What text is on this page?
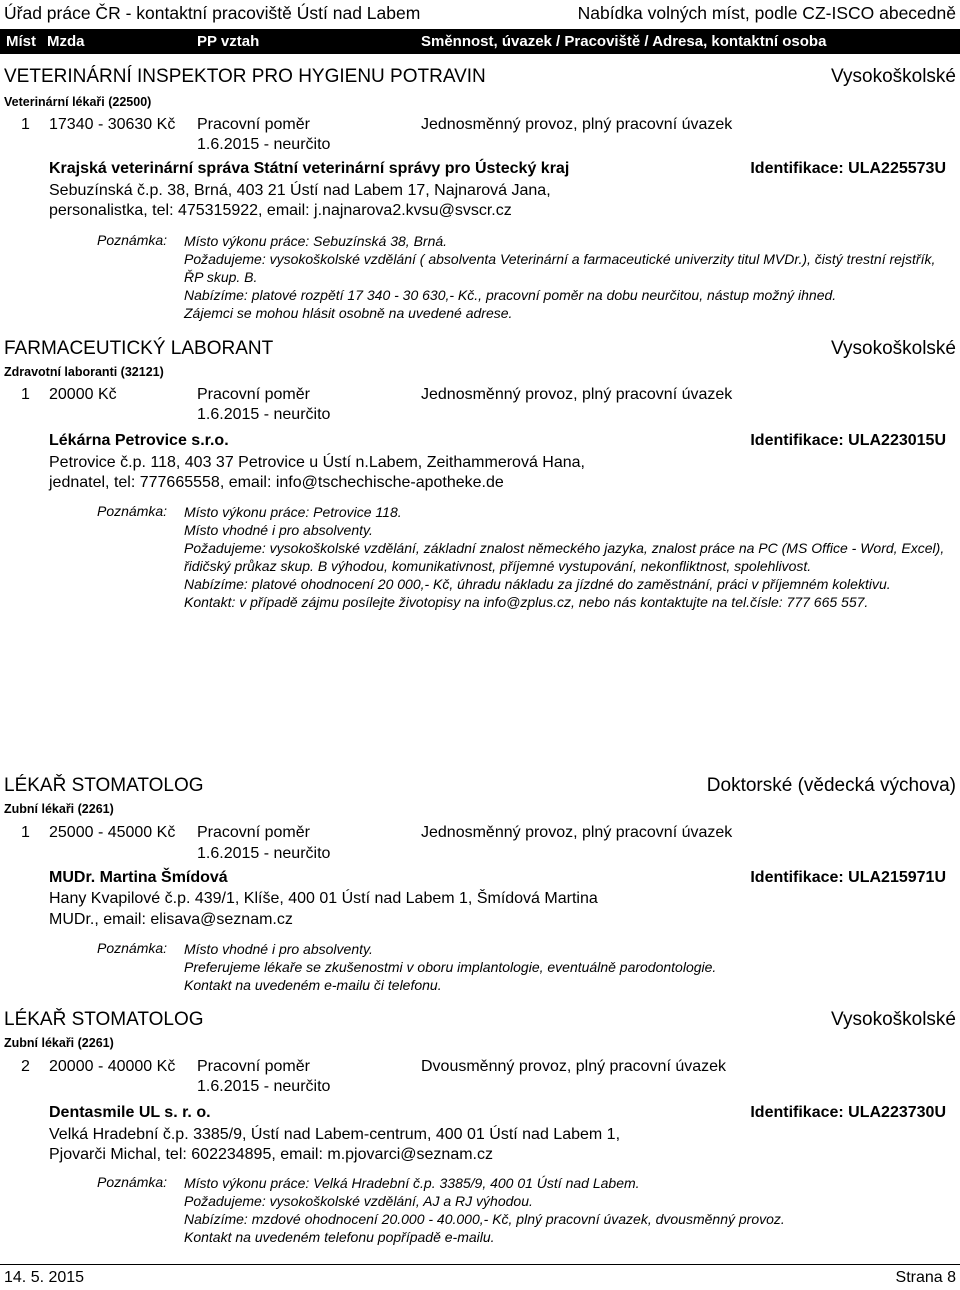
Úřad práce ČR - kontaktní pracoviště Ústí nad Labem	Nabídka volných míst, podle CZ-ISCO abecedně
Míst Mzda	PP vztah	Směnnost, úvazek / Pracoviště / Adresa, kontaktní osoba
VETERINÁRNÍ INSPEKTOR PRO HYGIENU POTRAVIN	Vysokoškolské
Veterinární lékaři (22500)
1 17340 - 30630 Kč Pracovní poměr	Jednosměnný provoz, plný pracovní úvazek
1.6.2015 - neurčito
Krajská veterinární správa Státní veterinární správy pro Ústecký kraj	Identifikace: ULA225573U
Sebuzínská č.p. 38, Brná, 403 21 Ústí nad Labem 17, Najnarová Jana,
personalistka, tel: 475315922, email: j.najnarova2.kvsu@svscr.cz
Poznámka: Místo výkonu práce: Sebuzínská 38, Brná.
Požadujeme: vysokoškolské vzdělání ( absolventa Veterinární a farmaceutické univerzity titul MVDr.), čistý trestní rejstřík, ŘP skup. B.
Nabízíme: platové rozpětí 17 340 - 30 630,- Kč., pracovní poměr na dobu neurčitou, nástup možný ihned.
Zájemci se mohou hlásit osobně na uvedené adrese.
FARMACEUTICKÝ LABORANT	Vysokoškolské
Zdravotní laboranti (32121)
1 20000 Kč	Pracovní poměr	Jednosměnný provoz, plný pracovní úvazek
1.6.2015 - neurčito
Lékárna Petrovice s.r.o.	Identifikace: ULA223015U
Petrovice č.p. 118, 403 37 Petrovice u Ústí n.Labem, Zeithammerová Hana,
jednatel, tel: 777665558, email: info@tschechische-apotheke.de
Poznámka: Místo výkonu práce: Petrovice 118.
Místo vhodné i pro absolventy.
Požadujeme: vysokoškolské vzdělání, základní znalost německého jazyka, znalost práce na PC (MS Office - Word, Excel), řidičský průkaz skup. B výhodou, komunikativnost, příjemné vystupování, nekonfliktnost, spolehlivost.
Nabízíme: platové ohodnocení 20 000,- Kč, úhradu nákladu za jízdné do zaměstnání, práci v příjemném kolektivu.
Kontakt: v případě zájmu posílejte životopisy na info@zplus.cz, nebo nás kontaktujte na tel.čísle: 777 665 557.
LÉKAŘ STOMATOLOG	Doktorské (vědecká výchova)
Zubní lékaři (2261)
1 25000 - 45000 Kč Pracovní poměr	Jednosměnný provoz, plný pracovní úvazek
1.6.2015 - neurčito
MUDr. Martina Šmídová	Identifikace: ULA215971U
Hany Kvapilové č.p. 439/1, Klíše, 400 01 Ústí nad Labem 1, Šmídová Martina
MUDr., email: elisava@seznam.cz
Poznámka: Místo vhodné i pro absolventy.
Preferujeme lékaře se zkušenostmi v oboru implantologie, eventuálně parodontologie.
Kontakt na uvedeném e-mailu či telefonu.
LÉKAŘ STOMATOLOG	Vysokoškolské
Zubní lékaři (2261)
2 20000 - 40000 Kč Pracovní poměr	Dvousměnný provoz, plný pracovní úvazek
1.6.2015 - neurčito
Dentasmile UL s. r. o.	Identifikace: ULA223730U
Velká Hradební č.p. 3385/9, Ústí nad Labem-centrum, 400 01 Ústí nad Labem 1,
Pjovarči Michal, tel: 602234895, email: m.pjovarci@seznam.cz
Poznámka: Místo výkonu práce: Velká Hradební č.p. 3385/9, 400 01 Ústí nad Labem.
Požadujeme: vysokoškolské vzdělání, AJ a RJ výhodou.
Nabízíme: mzdové ohodnocení 20.000 - 40.000,- Kč, plný pracovní úvazek, dvousměnný provoz.
Kontakt na uvedeném telefonu popřípadě e-mailu.
14. 5. 2015	Strana 8
